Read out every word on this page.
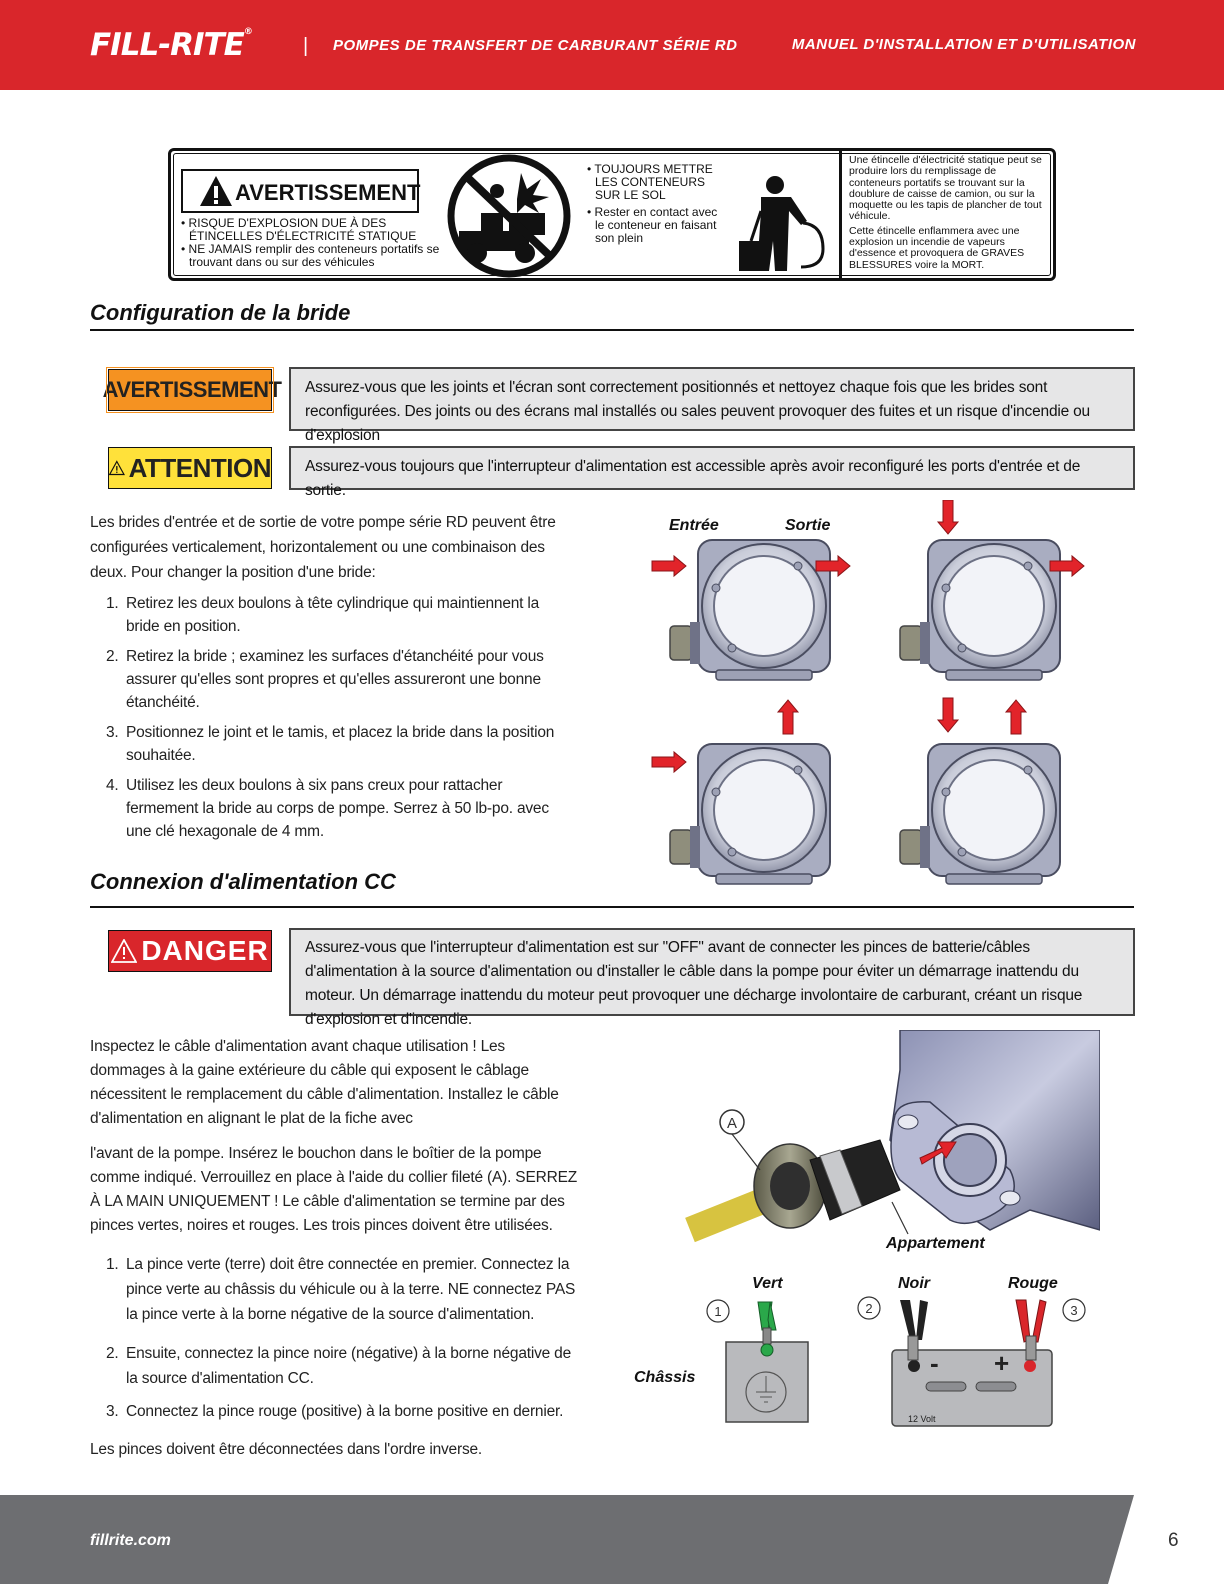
FILL-RITE®
| POMPES DE TRANSFERT DE CARBURANT SÉRIE RD	MANUEL D'INSTALLATION ET D'UTILISATION
AVERTISSEMENT
• RISQUE D'EXPLOSION DUE À DES ÉTINCELLES D'ÉLECTRICITÉ STATIQUE
• NE JAMAIS remplir des conteneurs portatifs se trouvant dans ou sur des véhicules
• TOUJOURS METTRE LES CONTENEURS SUR LE SOL
• Rester en contact avec le conteneur en faisant son plein

Une étincelle d'électricité statique peut se produire lors du remplissage de conteneurs portatifs se trouvant sur la doublure de caisse de camion, ou sur la moquette ou les tapis de plancher de tout véhicule.

Cette étincelle enflammera avec une explosion un incendie de vapeurs d'essence et provoquera de GRAVES BLESSURES voire la MORT.

Configuration de la bride
AVERTISSEMENT	Assurez-vous que les joints et l'écran sont correctement positionnés et nettoyez chaque fois que les brides sont reconfigurées. Des joints ou des écrans mal installés ou sales peuvent provoquer des fuites et un risque d'incendie ou d'explosion
ATTENTION	Assurez-vous toujours que l'interrupteur d'alimentation est accessible après avoir reconfiguré les ports d'entrée et de sortie.
Les brides d'entrée et de sortie de votre pompe série RD peuvent être configurées verticalement, horizontalement ou une combinaison des deux. Pour changer la position d'une bride:
1. Retirez les deux boulons à tête cylindrique qui maintiennent la bride en position.
2. Retirez la bride ; examinez les surfaces d'étanchéité pour vous assurer qu'elles sont propres et qu'elles assureront une bonne étanchéité.
3. Positionnez le joint et le tamis, et placez la bride dans la position souhaitée.
4. Utilisez les deux boulons à six pans creux pour rattacher fermement la bride au corps de pompe. Serrez à 50 lb-po. avec une clé hexagonale de 4 mm.
Entrée	Sortie
Connexion d'alimentation CC
DANGER	Assurez-vous que l'interrupteur d'alimentation est sur "OFF" avant de connecter les pinces de batterie/câbles d'alimentation à la source d'alimentation ou d'installer le câble dans la pompe pour éviter un démarrage inattendu du moteur. Un démarrage inattendu du moteur peut provoquer une décharge involontaire de carburant, créant un risque d'explosion et d'incendie.
Inspectez le câble d'alimentation avant chaque utilisation ! Les dommages à la gaine extérieure du câble qui exposent le câblage nécessitent le remplacement du câble d'alimentation. Installez le câble d'alimentation en alignant le plat de la fiche avec
l'avant de la pompe. Insérez le bouchon dans le boîtier de la pompe comme indiqué. Verrouillez en place à l'aide du collier fileté (A). SERREZ À LA MAIN UNIQUEMENT ! Le câble d'alimentation se termine par des pinces vertes, noires et rouges. Les trois pinces doivent être utilisées.
1. La pince verte (terre) doit être connectée en premier. Connectez la pince verte au châssis du véhicule ou à la terre. NE connectez PAS la pince verte à la borne négative de la source d'alimentation.
2. Ensuite, connectez la pince noire (négative) à la borne négative de la source d'alimentation CC.
3. Connectez la pince rouge (positive) à la borne positive en dernier.
Les pinces doivent être déconnectées dans l'ordre inverse.
A
Appartement
Vert	Noir	Rouge
1	2	3
Châssis	- +
12 Volt
fillrite.com	6
